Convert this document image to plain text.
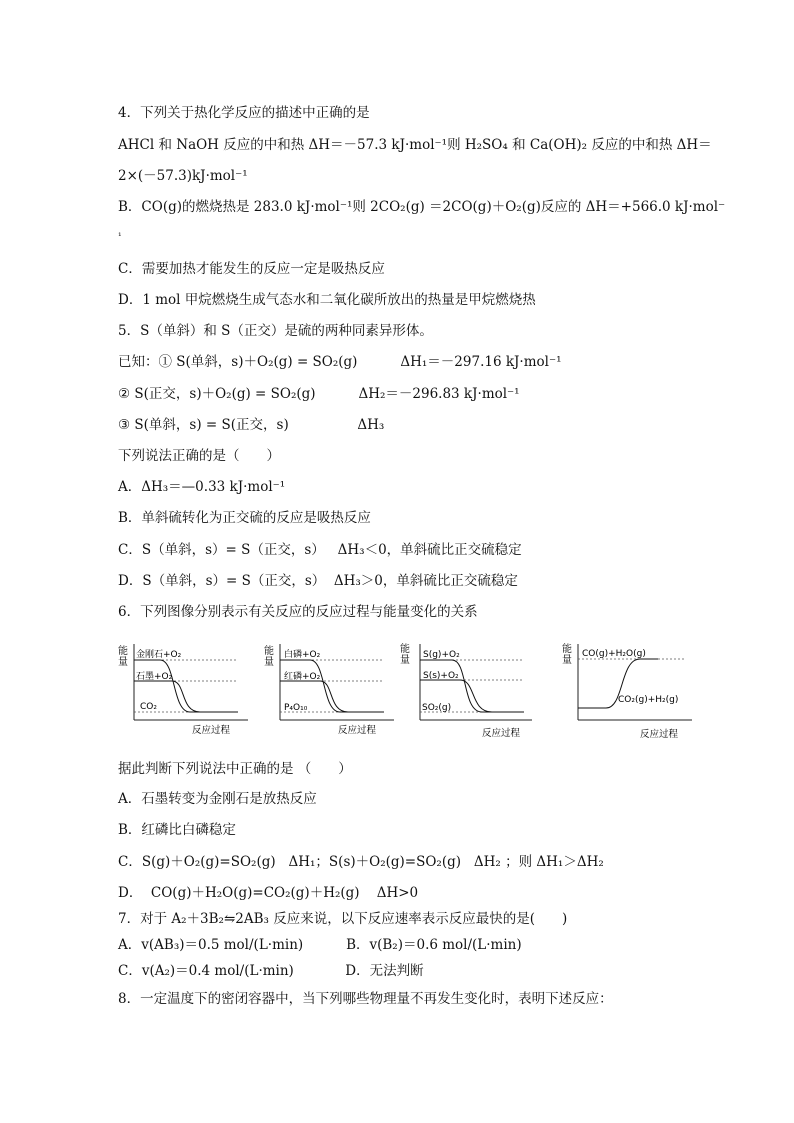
4．下列关于热化学反应的描述中正确的是
AHCl 和 NaOH 反应的中和热 ΔH＝－57.3 kJ·mol⁻¹则 H₂SO₄ 和 Ca(OH)₂ 反应的中和热 ΔH＝
2×(－57.3)kJ·mol⁻¹
B．CO(g)的燃烧热是 283.0 kJ·mol⁻¹则 2CO₂(g) ＝2CO(g)＋O₂(g)反应的 ΔH＝+566.0 kJ·mol⁻
¹
C．需要加热才能发生的反应一定是吸热反应
D．1 mol 甲烷燃烧生成气态水和二氧化碳所放出的热量是甲烷燃烧热
5．S（单斜）和 S（正交）是硫的两种同素异形体。
已知：① S(单斜，s)＋O₂(g) = SO₂(g)          ΔH₁＝－297.16 kJ·mol⁻¹
② S(正交，s)＋O₂(g) = SO₂(g)          ΔH₂＝－296.83 kJ·mol⁻¹
③ S(单斜，s) = S(正交，s)                ΔH₃
下列说法正确的是（　　）
A．ΔH₃＝—0.33 kJ·mol⁻¹
B．单斜硫转化为正交硫的反应是吸热反应
C．S（单斜，s）= S（正交，s）   ΔH₃＜0，单斜硫比正交硫稳定
D．S（单斜，s）= S（正交，s）  ΔH₃＞0，单斜硫比正交硫稳定
6．下列图像分别表示有关反应的反应过程与能量变化的关系
能
量
金刚石+O₂
石墨+O₂
CO₂
反应过程
能
量
白磷+O₂
红磷+O₂
P₄O₁₀
反应过程
能
量 S(g)+O₂
S(s)+O₂
SO₂(g)
反应过程
能
量
CO(g)+H₂O(g)
CO₂(g)+H₂(g)
反应过程
据此判断下列说法中正确的是 （　　）
A．石墨转变为金刚石是放热反应
B．红磷比白磷稳定
C．S(g)＋O₂(g)=SO₂(g)   ΔH₁；S(s)＋O₂(g)=SO₂(g)   ΔH₂ ；则 ΔH₁＞ΔH₂
D．  CO(g)＋H₂O(g)=CO₂(g)＋H₂(g)    ΔH>0
7．对于 A₂＋3B₂⇋2AB₃ 反应来说，以下反应速率表示反应最快的是(　　)
A．v(AB₃)＝0.5 mol/(L·min)          B．v(B₂)＝0.6 mol/(L·min)
C．v(A₂)＝0.4 mol/(L·min)            D．无法判断
8．一定温度下的密闭容器中，当下列哪些物理量不再发生变化时，表明下述反应：
